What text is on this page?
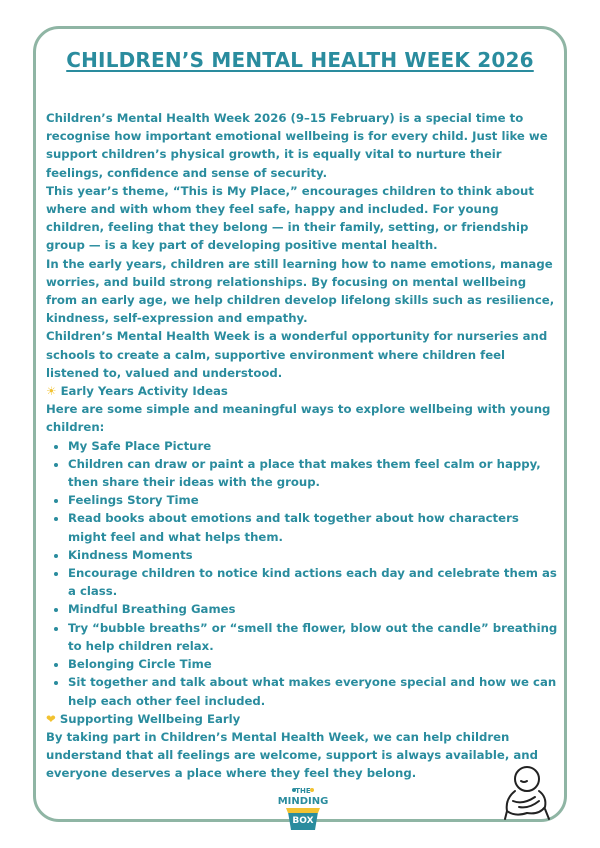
CHILDREN’S MENTAL HEALTH WEEK 2026

Children’s Mental Health Week 2026 (9–15 February) is a special time to recognise how important emotional wellbeing is for every child. Just like we support children’s physical growth, it is equally vital to nurture their feelings, confidence and sense of security.

This year’s theme, “This is My Place,” encourages children to think about where and with whom they feel safe, happy and included. For young children, feeling that they belong — in their family, setting, or friendship group — is a key part of developing positive mental health.

In the early years, children are still learning how to name emotions, manage worries, and build strong relationships. By focusing on mental wellbeing from an early age, we help children develop lifelong skills such as resilience, kindness, self-expression and empathy.

Children’s Mental Health Week is a wonderful opportunity for nurseries and schools to create a calm, supportive environment where children feel listened to, valued and understood.

☀ Early Years Activity Ideas

Here are some simple and meaningful ways to explore wellbeing with young children:

• My Safe Place Picture
• Children can draw or paint a place that makes them feel calm or happy, then share their ideas with the group.
• Feelings Story Time
• Read books about emotions and talk together about how characters might feel and what helps them.
• Kindness Moments
• Encourage children to notice kind actions each day and celebrate them as a class.
• Mindful Breathing Games
• Try “bubble breaths” or “smell the flower, blow out the candle” breathing to help children relax.
• Belonging Circle Time
• Sit together and talk about what makes everyone special and how we can help each other feel included.

❤ Supporting Wellbeing Early

By taking part in Children’s Mental Health Week, we can help children understand that all feelings are welcome, support is always available, and everyone deserves a place where they feel they belong.

THE
MINDING
BOX
